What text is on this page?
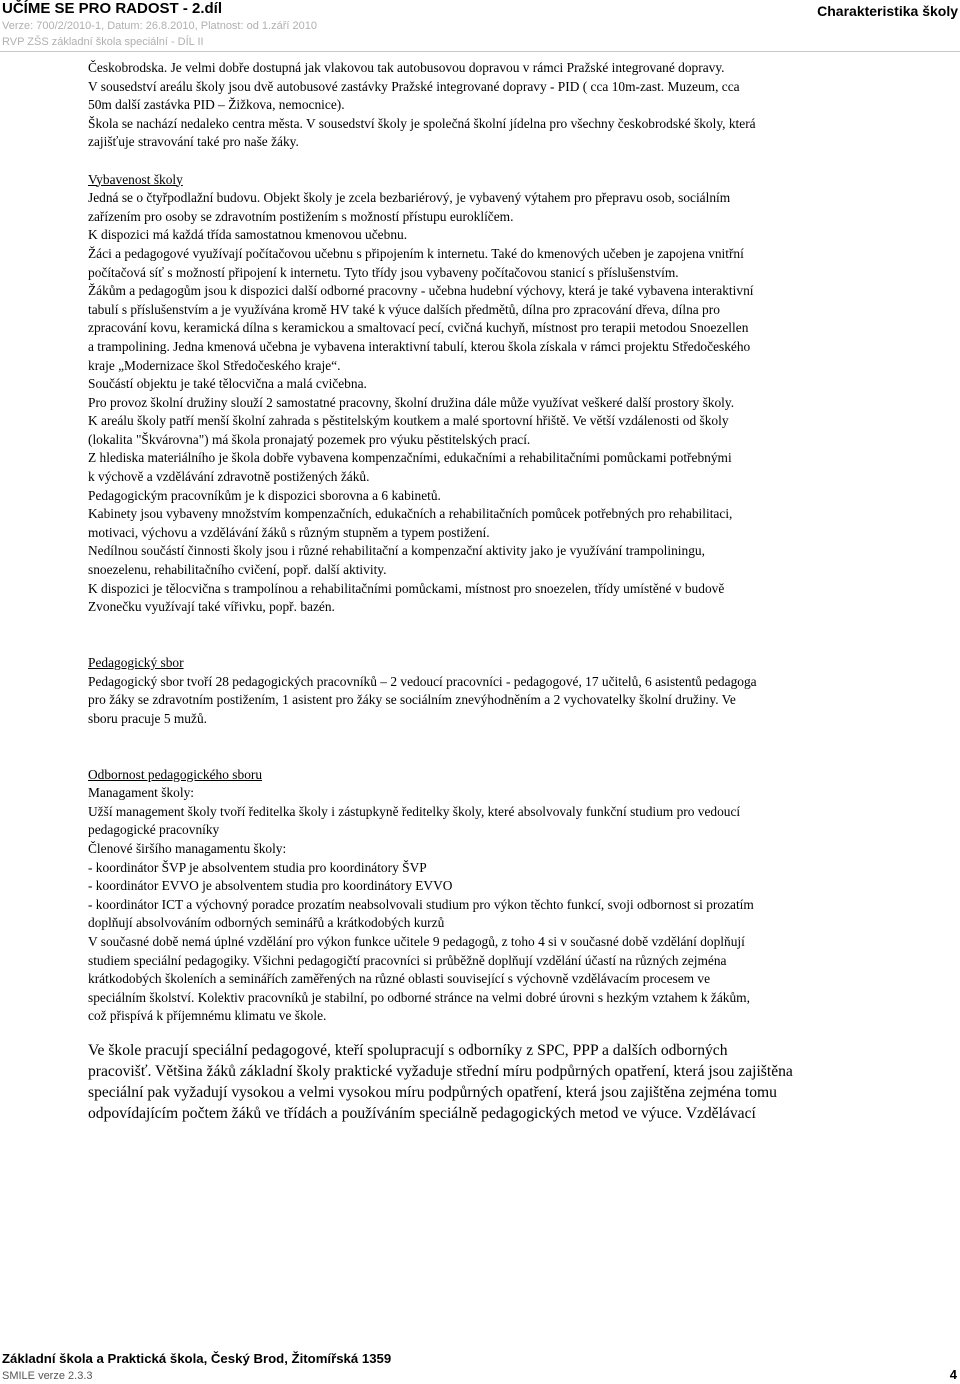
UČÍME SE PRO RADOST - 2.díl	Charakteristika školy
Verze: 700/2/2010-1, Datum: 26.8.2010, Platnost: od 1.září 2010
RVP ZŠS základní škola speciální - DÍL II
Českobrodska. Je velmi dobře dostupná jak vlakovou tak autobusovou dopravou v rámci Pražské integrované dopravy.
V sousedství areálu školy jsou dvě autobusové zastávky Pražské integrované dopravy - PID ( cca 10m-zast. Muzeum, cca
50m další zastávka PID – Žižkova, nemocnice).
Škola se nachází nedaleko centra města. V sousedství školy je společná školní jídelna pro všechny českobrodské školy, která
zajišťuje stravování také pro naše žáky.
Vybavenost školy
Jedná se o čtyřpodlažní budovu. Objekt školy je zcela bezbariérový, je vybavený výtahem pro přepravu osob, sociálním
zařízením pro osoby se zdravotním postižením s možností přístupu euroklíčem.
K dispozici má každá třída samostatnou kmenovou učebnu.
Žáci a pedagogové využívají počítačovou učebnu s připojením k internetu. Také do kmenových učeben je zapojena vnitřní
počítačová síť s možností připojení k internetu. Tyto třídy jsou vybaveny počítačovou stanicí s příslušenstvím.
Žákům a pedagogům jsou k dispozici další odborné pracovny - učebna hudební výchovy, která je také vybavena interaktivní
tabulí s příslušenstvím a je využívána kromě HV také k výuce dalších předmětů, dílna pro zpracování dřeva, dílna pro
zpracování kovu, keramická dílna s keramickou a smaltovací pecí, cvičná kuchyň, místnost pro terapii metodou Snoezellen
a trampolining. Jedna kmenová učebna je vybavena interaktivní tabulí, kterou škola získala v rámci projektu Středočeského
kraje „Modernizace škol Středočeského kraje“.
Součástí objektu je také tělocvična a malá cvičebna.
Pro provoz školní družiny slouží 2 samostatné pracovny, školní družina dále může využívat veškeré další prostory školy.
K areálu školy patří menší školní zahrada s pěstitelským koutkem a malé sportovní hřiště. Ve větší vzdálenosti od školy
(lokalita "Škvárovna") má škola pronajatý pozemek pro výuku pěstitelských prací.
Z hlediska materiálního je škola dobře vybavena kompenzačními, edukačními a rehabilitačními pomůckami potřebnými
k výchově a vzdělávání zdravotně postižených žáků.
Pedagogickým pracovníkům je k dispozici sborovna a 6 kabinetů.
Kabinety jsou vybaveny množstvím kompenzačních, edukačních a rehabilitačních pomůcek potřebných pro rehabilitaci,
motivaci, výchovu a vzdělávání žáků s různým stupněm a typem postižení.
Nedílnou součástí činnosti školy jsou i různé rehabilitační a kompenzační aktivity jako je využívání trampoliningu,
snoezelenu, rehabilitačního cvičení, popř. další aktivity.
K dispozici je tělocvična s trampolínou a rehabilitačními pomůckami, místnost pro snoezelen, třídy umístěné v budově
Zvonečku využívají také vířivku, popř. bazén.
Pedagogický sbor
Pedagogický sbor tvoří 28 pedagogických pracovníků – 2 vedoucí pracovníci - pedagogové, 17 učitelů, 6 asistentů pedagoga
pro žáky se zdravotním postižením, 1 asistent pro žáky se sociálním znevýhodněním a 2 vychovatelky školní družiny. Ve
sboru pracuje 5 mužů.
Odbornost pedagogického sboru
Managament školy:
Užší management školy tvoří ředitelka školy i zástupkyně ředitelky školy, které absolvovaly funkční studium pro vedoucí
pedagogické pracovníky
Členové širšího managamentu školy:
- koordinátor ŠVP je absolventem studia pro koordinátory ŠVP
- koordinátor EVVO je absolventem studia pro koordinátory EVVO
- koordinátor ICT a výchovný poradce prozatím neabsolvovali studium pro výkon těchto funkcí, svoji odbornost si prozatím
doplňují absolvováním odborných seminářů a krátkodobých kurzů
V současné době nemá úplné vzdělání pro výkon funkce učitele 9 pedagogů, z toho 4 si v současné době vzdělání doplňují
studiem speciální pedagogiky. Všichni pedagogičtí pracovníci si průběžně doplňují vzdělání účastí na různých zejména
krátkodobých školeních a seminářích zaměřených na různé oblasti související s výchovně vzdělávacím procesem ve
speciálním školství. Kolektiv pracovníků je stabilní, po odborné stránce na velmi dobré úrovni s hezkým vztahem k žákům,
což přispívá k příjemnému klimatu ve škole.
Ve škole pracují speciální pedagogové, kteří spolupracují s odborníky z SPC, PPP a dalších odborných
pracovišť. Většina žáků základní školy praktické vyžaduje střední míru podpůrných opatření, která jsou zajištěna
speciální pak vyžadují vysokou a velmi vysokou míru podpůrných opatření, která jsou zajištěna zejména tomu
odpovídajícím počtem žáků ve třídách a používáním speciálně pedagogických metod ve výuce. Vzdělávací
Základní škola a Praktická škola, Český Brod, Žitomířská 1359
SMILE verze 2.3.3	4
